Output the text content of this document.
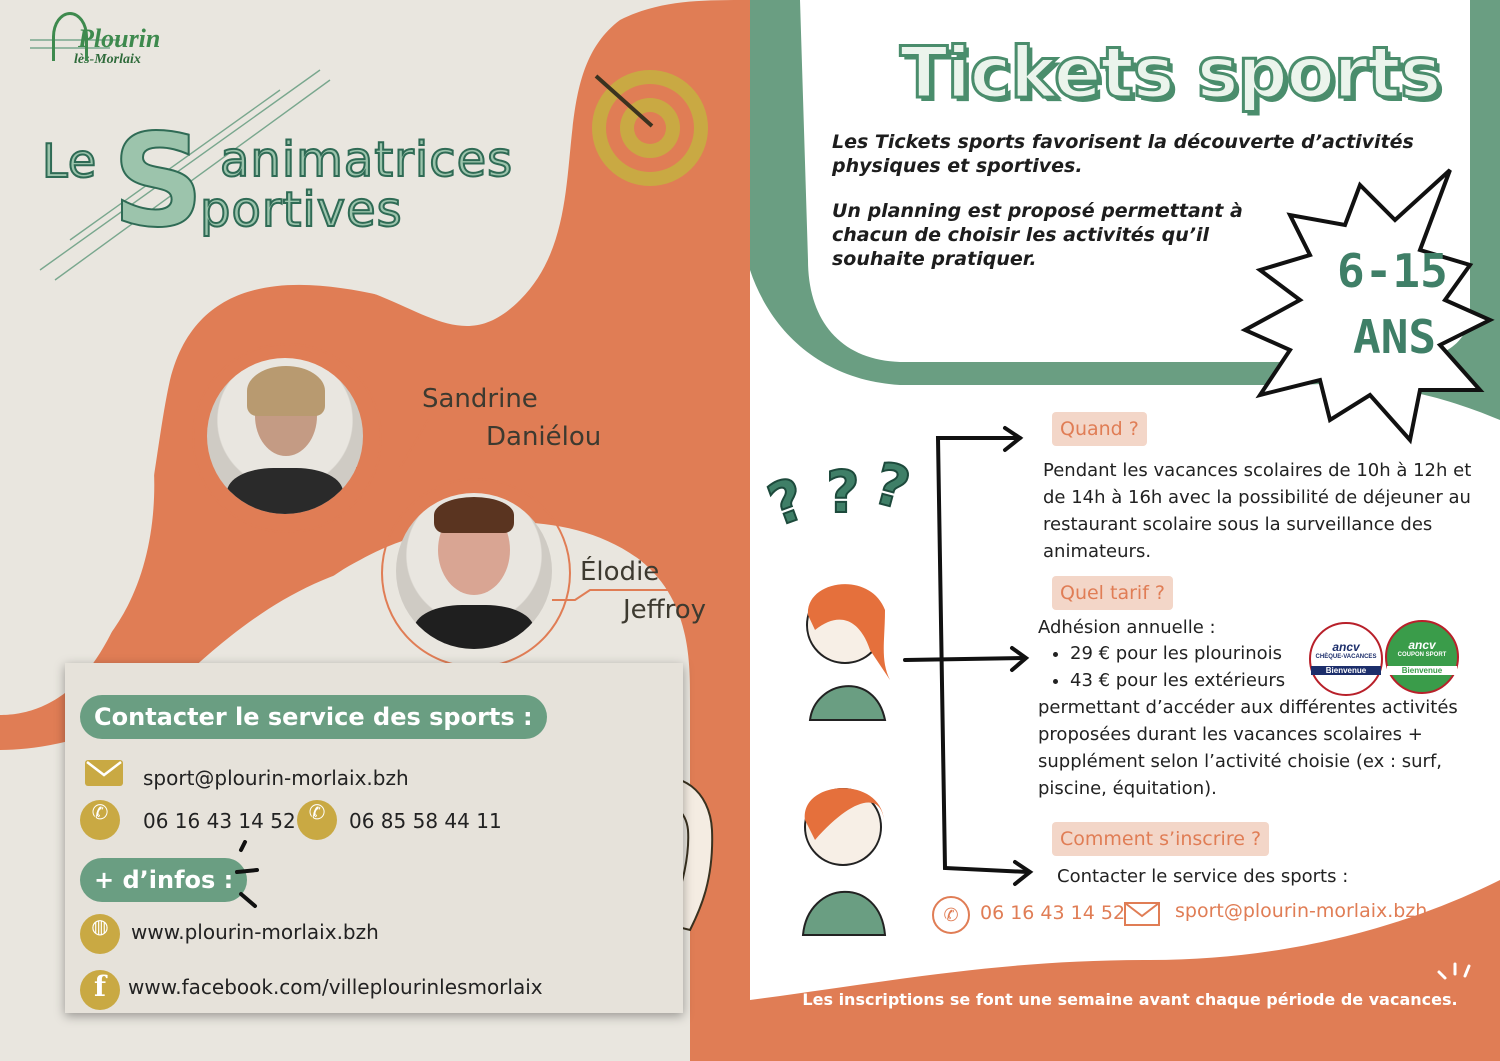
Plourin
lès-Morlaix
Le S animatrices
portives
Sandrine
Daniélou
Élodie
Jeffroy
Contacter le service des sports :
sport@plourin-morlaix.bzh
✆	06 16 43 14 52 ✆	06 85 58 44 11
+ d’infos :
◍	www.plourin-morlaix.bzh
f	www.facebook.com/villeplourinlesmorlaix
Tickets sports
Les Tickets sports favorisent la découverte d’activités physiques et sportives.
Un planning est proposé permettant à chacun de choisir les activités qu’il souhaite pratiquer.	6-15
ANS
? ? ?
Quand ?
Pendant les vacances scolaires de 10h à 12h et de 14h à 16h avec la possibilité de déjeuner au restaurant scolaire sous la surveillance des animateurs.
Quel tarif ?
Adhésion annuelle :
• 29 € pour les plourinois
• 43 € pour les extérieurs
permettant d’accéder aux différentes activités proposées durant les vacances scolaires + supplément selon l’activité choisie (ex : surf, piscine, équitation).
ancv
CHÈQUE-VACANCES
Bienvenue
ancv
COUPON SPORT
Bienvenue
Comment s’inscrire ?
Contacter le service des sports :
✆	06 16 43 14 52	sport@plourin-morlaix.bzh
Les inscriptions se font une semaine avant chaque période de vacances.
